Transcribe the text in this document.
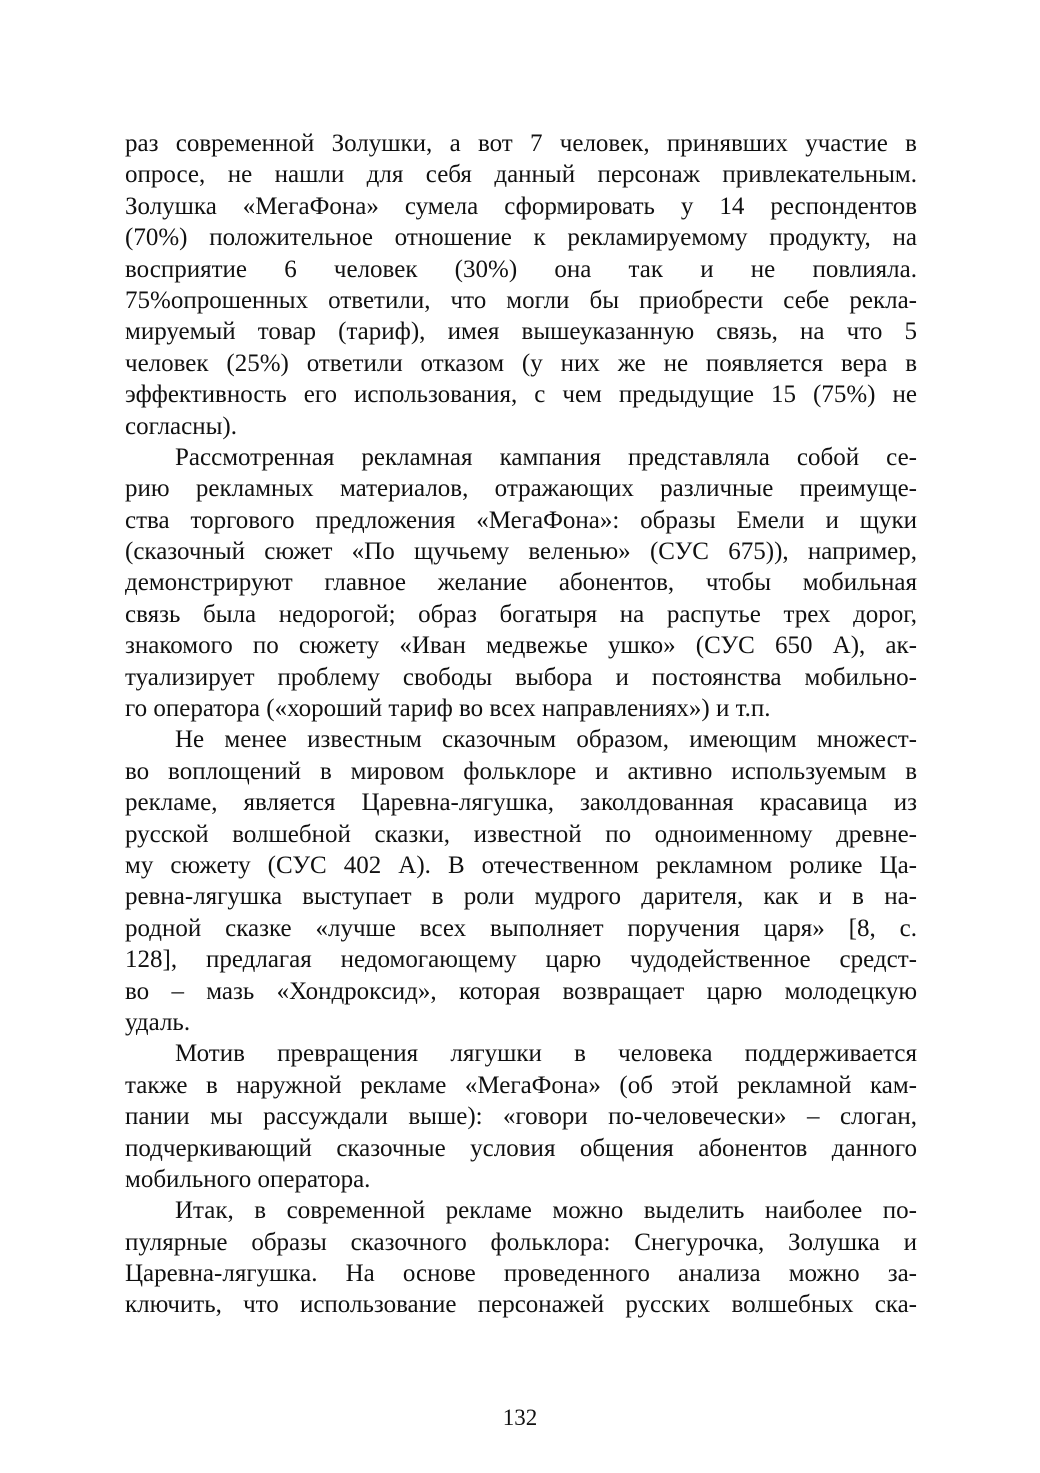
раз современной Золушки, а вот 7 человек, принявших участие в
опросе, не нашли для себя данный персонаж привлекательным.
Золушка «МегаФона» сумела сформировать у 14 респондентов
(70%) положительное отношение к рекламируемому продукту, на
восприятие 6 человек (30%) она так и не повлияла.
75%опрошенных ответили, что могли бы приобрести себе рекла-
мируемый товар (тариф), имея вышеуказанную связь, на что 5
человек (25%) ответили отказом (у них же не появляется вера в
эффективность его использования, с чем предыдущие 15 (75%) не
согласны).
Рассмотренная рекламная кампания представляла собой се-
рию рекламных материалов, отражающих различные преимуще-
ства торгового предложения «МегаФона»: образы Емели и щуки
(сказочный сюжет «По щучьему веленью» (СУС 675)), например,
демонстрируют главное желание абонентов, чтобы мобильная
связь была недорогой; образ богатыря на распутье трех дорог,
знакомого по сюжету «Иван медвежье ушко» (СУС 650 А), ак-
туализирует проблему свободы выбора и постоянства мобильно-
го оператора («хороший тариф во всех направлениях») и т.п.
Не менее известным сказочным образом, имеющим множест-
во воплощений в мировом фольклоре и активно используемым в
рекламе, является Царевна-лягушка, заколдованная красавица из
русской волшебной сказки, известной по одноименному древне-
му сюжету (СУС 402 А). В отечественном рекламном ролике Ца-
ревна-лягушка выступает в роли мудрого дарителя, как и в на-
родной сказке «лучше всех выполняет поручения царя» [8, с.
128], предлагая недомогающему царю чудодейственное средст-
во – мазь «Хондроксид», которая возвращает царю молодецкую
удаль.
Мотив превращения лягушки в человека поддерживается
также в наружной рекламе «МегаФона» (об этой рекламной кам-
пании мы рассуждали выше): «говори по-человечески» – слоган,
подчеркивающий сказочные условия общения абонентов данного
мобильного оператора.
Итак, в современной рекламе можно выделить наиболее по-
пулярные образы сказочного фольклора: Снегурочка, Золушка и
Царевна-лягушка. На основе проведенного анализа можно за-
ключить, что использование персонажей русских волшебных ска-
132
